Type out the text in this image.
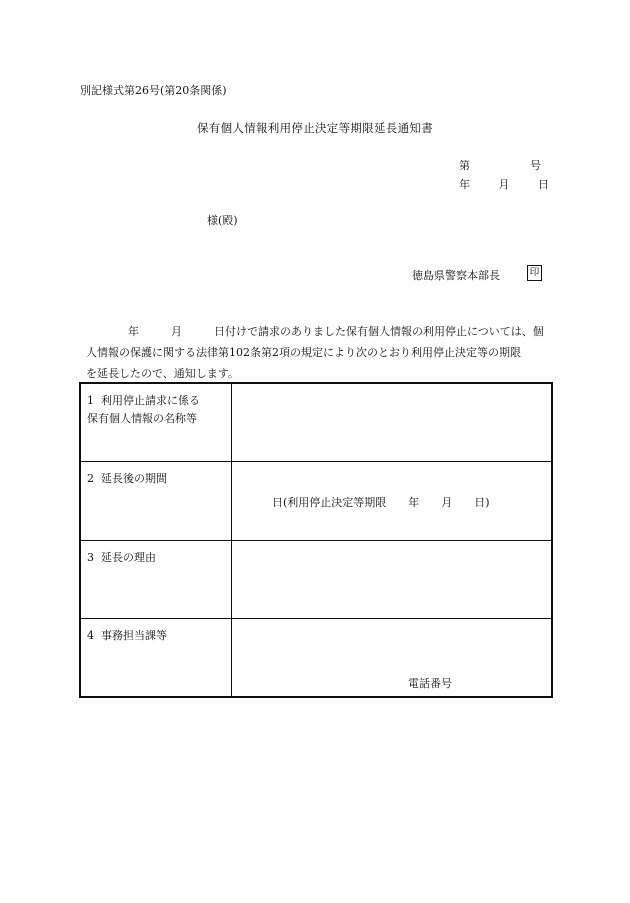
別記様式第26号(第20条関係)
保有個人情報利用停止決定等期限延長通知書
第	号
年	月	日
様(殿)
徳島県警察本部長	印
年	月	日付けで請求のありました保有個人情報の利用停止については、個
人情報の保護に関する法律第102条第2項の規定により次のとおり利用停止決定等の期限
を延長したので、通知します。
1 利用停止請求に係る
保有個人情報の名称等	
2 延長後の期間	日(利用停止決定等期限 年 月 日)

3 延長の理由	
4 事務担当課等	電話番号
